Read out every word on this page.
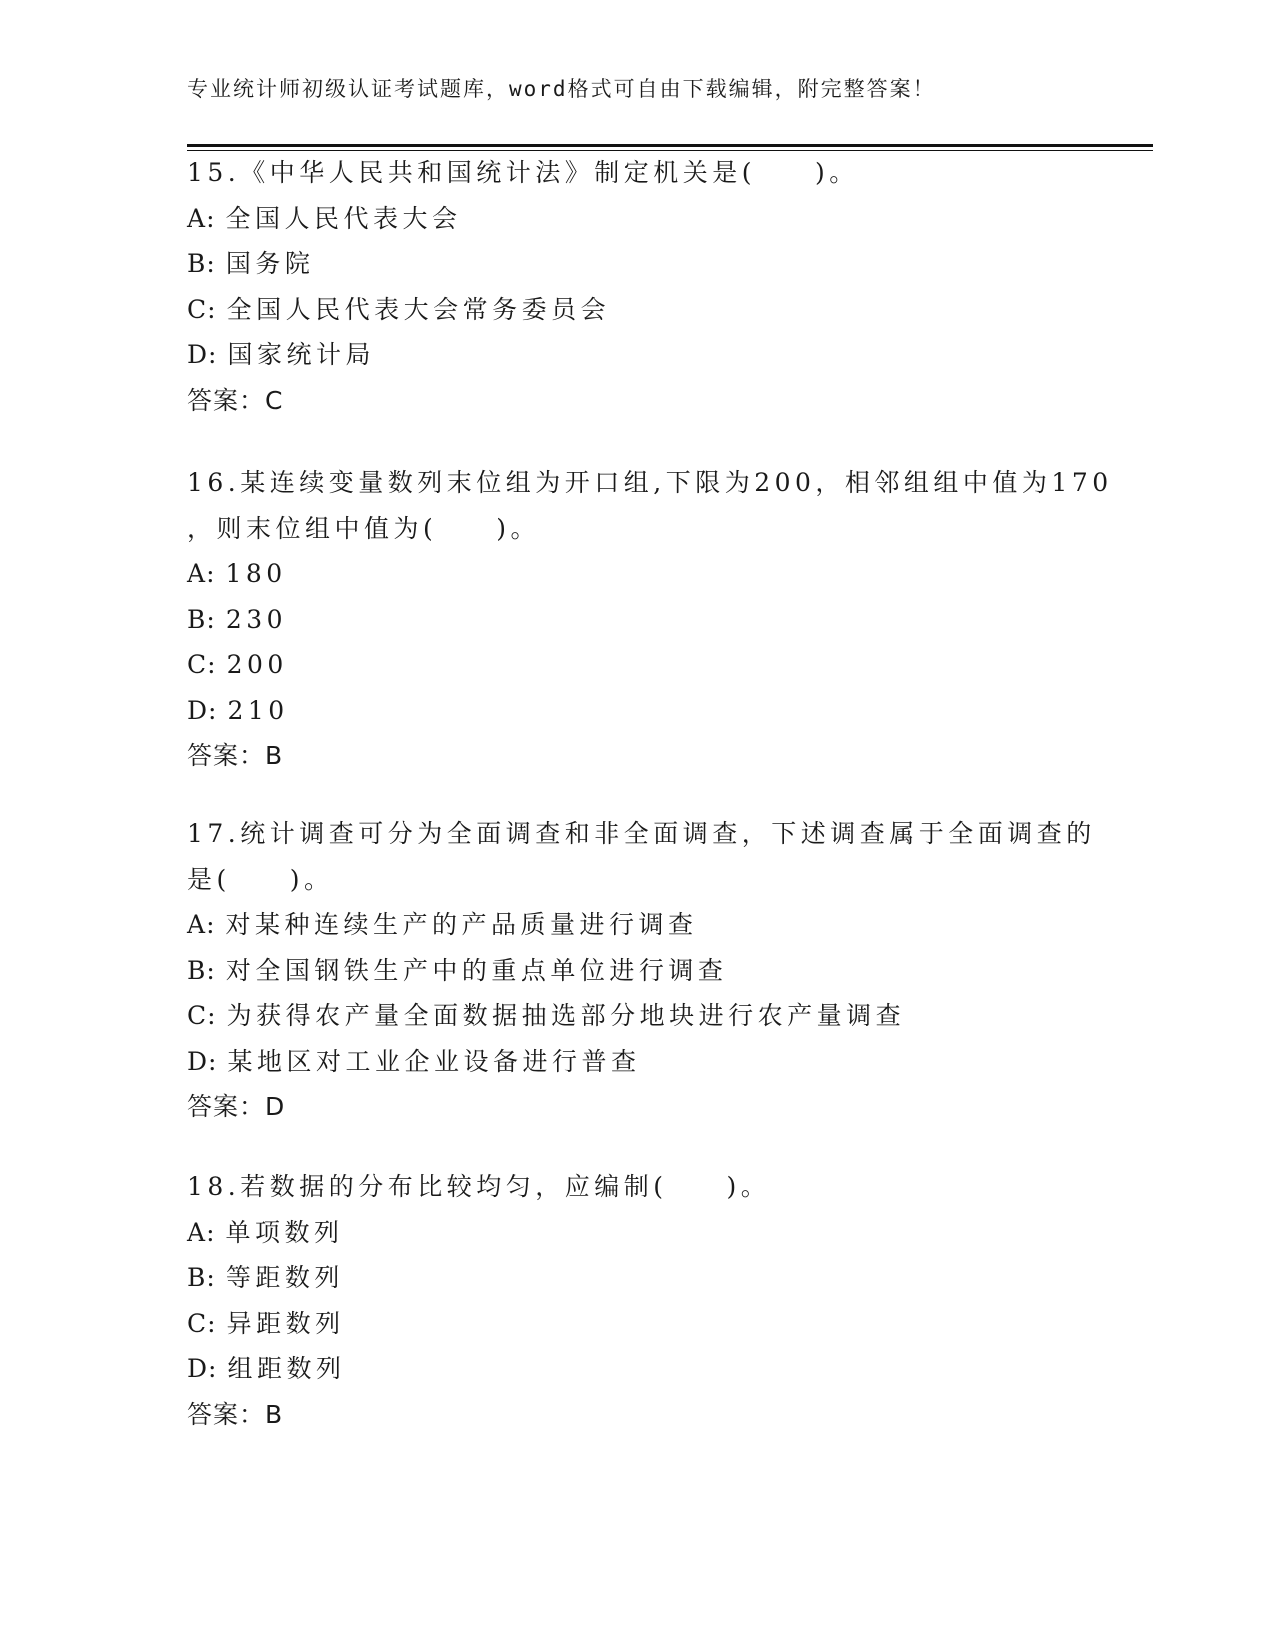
专业统计师初级认证考试题库，word格式可自由下载编辑，附完整答案！
15.《中华人民共和国统计法》制定机关是(　　)。
A: 全国人民代表大会
B: 国务院
C: 全国人民代表大会常务委员会
D: 国家统计局
答案：C
16.某连续变量数列末位组为开口组,下限为200，相邻组组中值为170
，则末位组中值为(　　)。
A: 180
B: 230
C: 200
D: 210
答案：B
17.统计调查可分为全面调查和非全面调查，下述调查属于全面调查的
是(　　)。
A: 对某种连续生产的产品质量进行调查
B: 对全国钢铁生产中的重点单位进行调查
C: 为获得农产量全面数据抽选部分地块进行农产量调查
D: 某地区对工业企业设备进行普查
答案：D
18.若数据的分布比较均匀，应编制(　　)。
A: 单项数列
B: 等距数列
C: 异距数列
D: 组距数列
答案：B
